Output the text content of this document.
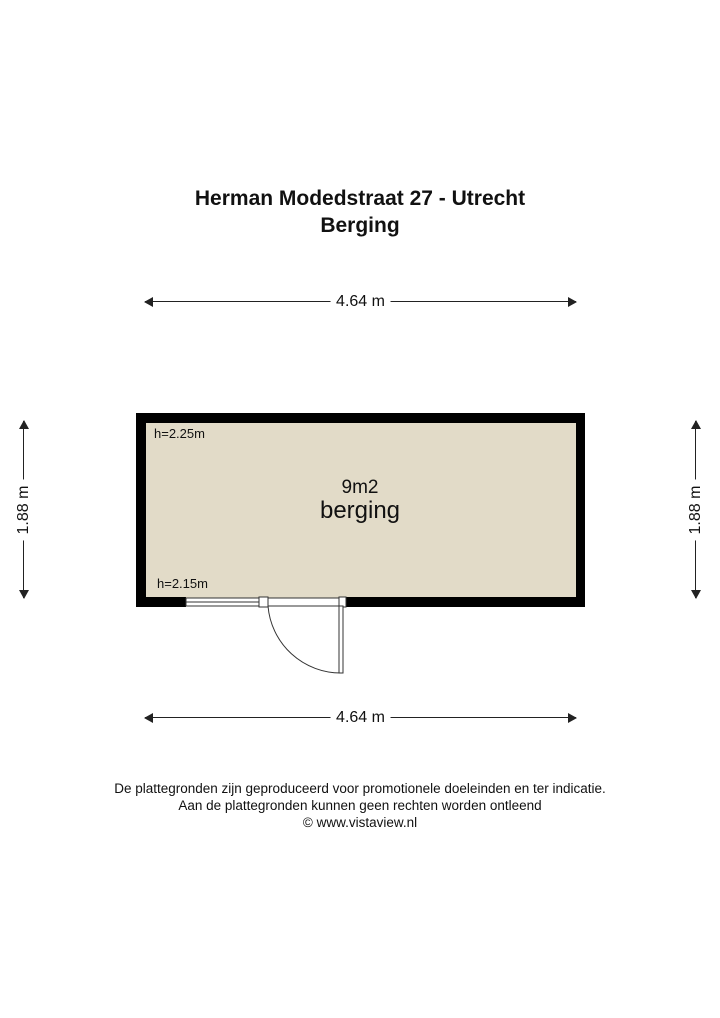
Herman Modedstraat 27 - Utrecht
Berging
4.64 m
4.64 m
1.88 m	1.88 m
h=2.25m
h=2.15m
9m2
berging
De plattegronden zijn geproduceerd voor promotionele doeleinden en ter indicatie.
Aan de plattegronden kunnen geen rechten worden ontleend
© www.vistaview.nl
